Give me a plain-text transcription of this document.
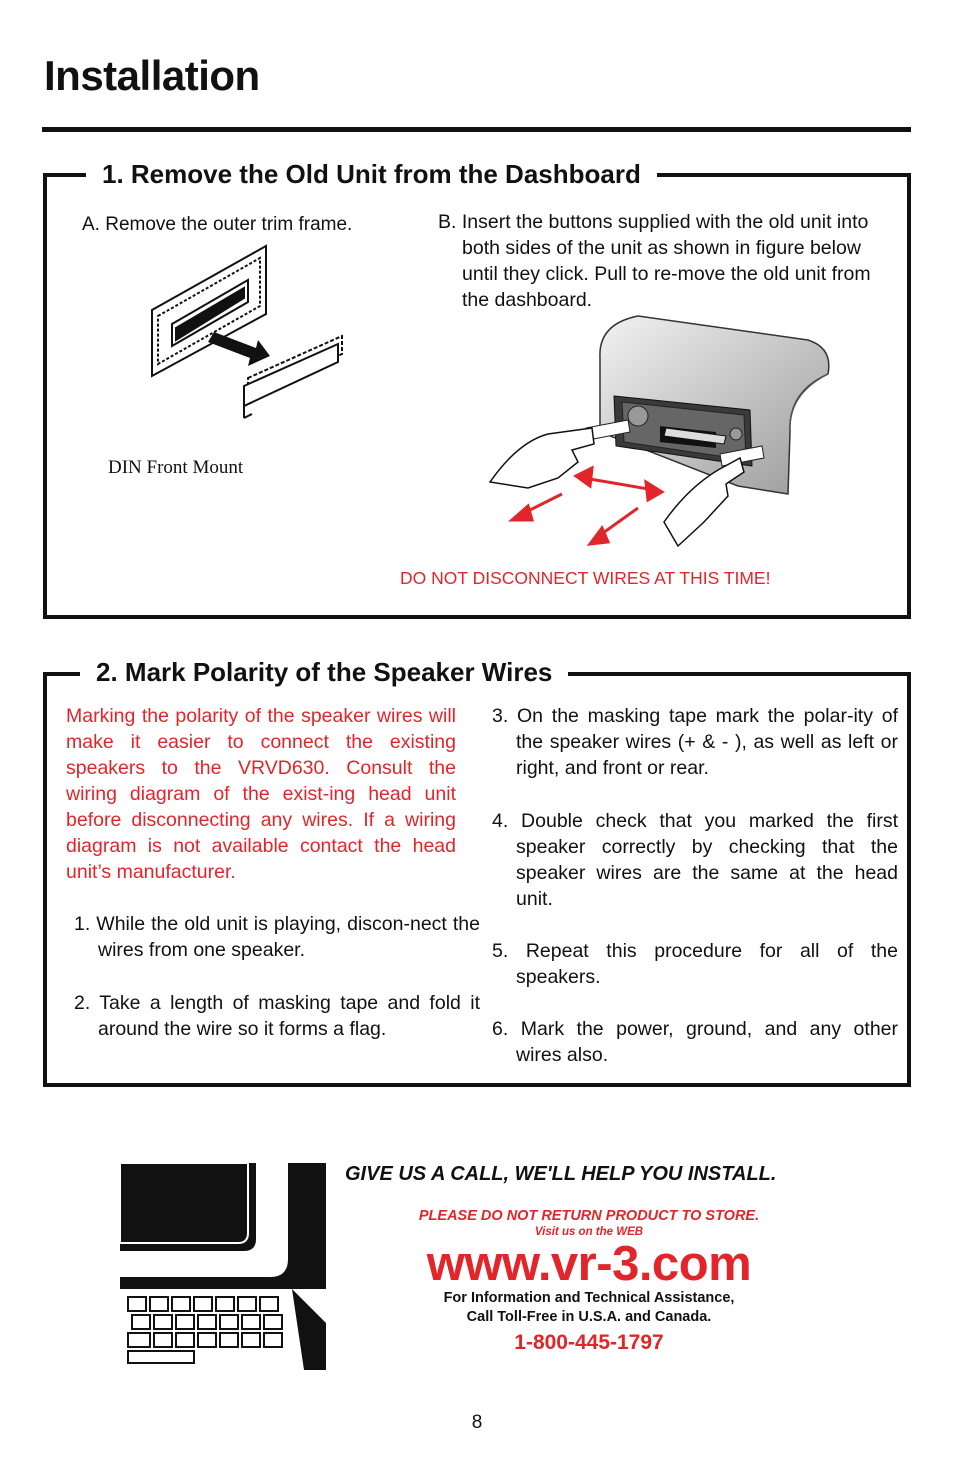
Installation
1. Remove the Old Unit from the Dashboard
A. Remove the outer trim frame.	B. Insert the buttons supplied with the old unit into both sides of the unit as shown in figure below until they click. Pull to re-move the old unit from the dashboard.
DIN Front Mount
DO NOT DISCONNECT WIRES AT THIS TIME!
2. Mark Polarity of the Speaker Wires
Marking the polarity of the speaker wires will make it easier to connect the existing speakers to the VRVD630. Consult the wiring diagram of the exist-ing head unit before disconnecting any wires. If a wiring diagram is not available contact the head unit’s manufacturer.
1. While the old unit is playing, discon-nect the wires from one speaker.
2. Take a length of masking tape and fold it around the wire so it forms a flag.
3. On the masking tape mark the polar-ity of the speaker wires (+ & - ), as well as left or right, and front or rear.
4. Double check that you marked the first speaker correctly by checking that the speaker wires are the same at the head unit.
5. Repeat this procedure for all of the speakers.
6. Mark the power, ground, and any other wires also.
GIVE US A CALL, WE'LL HELP YOU INSTALL.
PLEASE DO NOT RETURN PRODUCT TO STORE.
Visit us on the WEB
www.vr-3.com
For Information and Technical Assistance,
Call Toll-Free in U.S.A. and Canada.
1-800-445-1797
8
